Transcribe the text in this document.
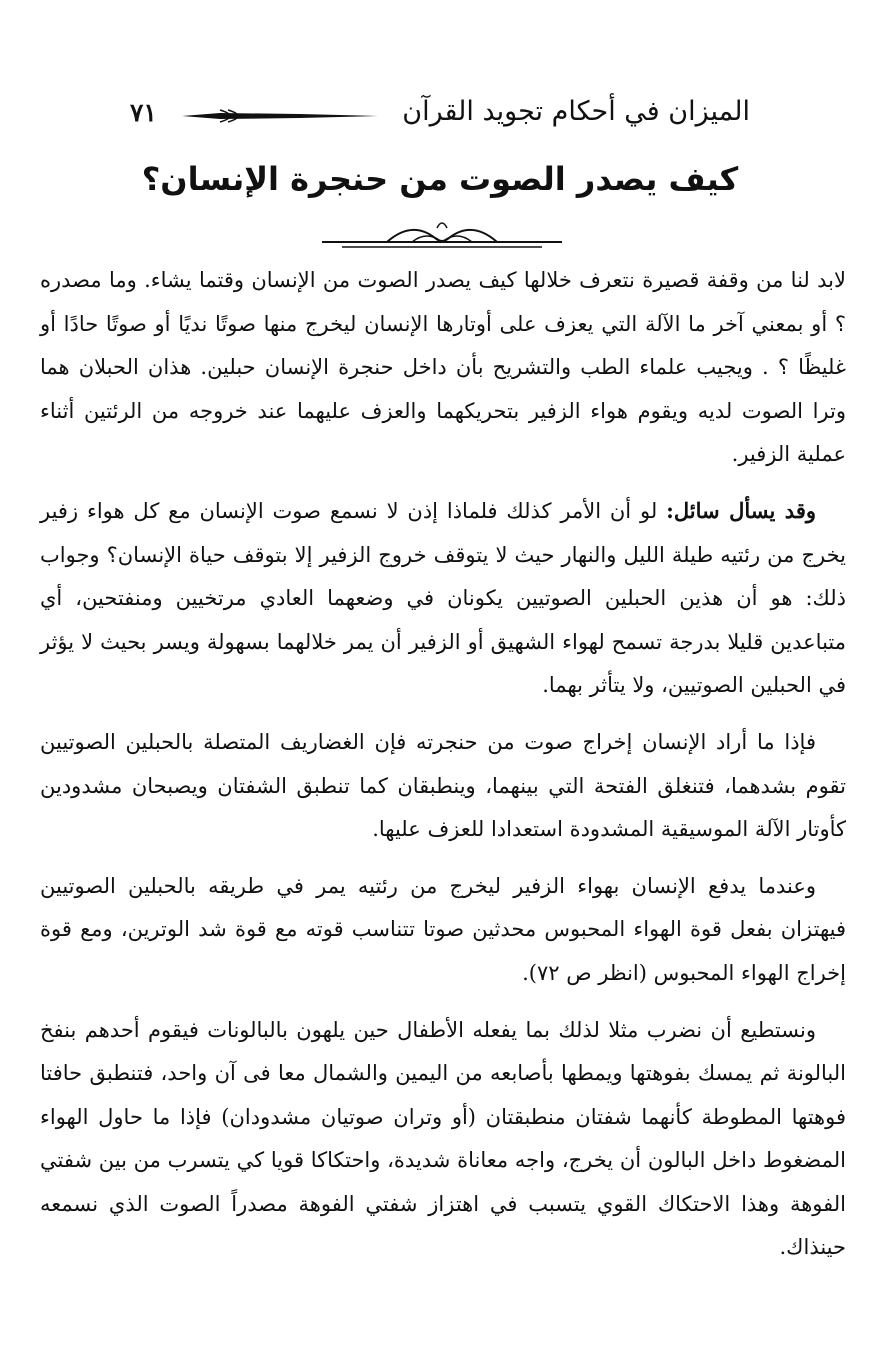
الميزان في أحكام تجويد القرآن
٧١
كيف يصدر الصوت من حنجرة الإنسان؟

لابد لنا من وقفة قصيرة نتعرف خلالها كيف يصدر الصوت من الإنسان وقتما يشاء. وما مصدره ؟ أو بمعني آخر ما الآلة التي يعزف على أوتارها الإنسان ليخرج منها صوتًا نديًا أو صوتًا حادًا أو غليظًا ؟ . ويجيب علماء الطب والتشريح بأن داخل حنجرة الإنسان حبلين. هذان الحبلان هما وترا الصوت لديه ويقوم هواء الزفير بتحريكهما والعزف عليهما عند خروجه من الرئتين أثناء عملية الزفير.

وقد يسأل سائل: لو أن الأمر كذلك فلماذا إذن لا نسمع صوت الإنسان مع كل هواء زفير يخرج من رئتيه طيلة الليل والنهار حيث لا يتوقف خروج الزفير إلا بتوقف حياة الإنسان؟ وجواب ذلك: هو أن هذين الحبلين الصوتيين يكونان في وضعهما العادي مرتخيين ومنفتحين، أي متباعدين قليلا بدرجة تسمح لهواء الشهيق أو الزفير أن يمر خلالهما بسهولة ويسر بحيث لا يؤثر في الحبلين الصوتيين، ولا يتأثر بهما.

فإذا ما أراد الإنسان إخراج صوت من حنجرته فإن الغضاريف المتصلة بالحبلين الصوتيين تقوم بشدهما، فتنغلق الفتحة التي بينهما، وينطبقان كما تنطبق الشفتان ويصبحان مشدودين كأوتار الآلة الموسيقية المشدودة استعدادا للعزف عليها.

وعندما يدفع الإنسان بهواء الزفير ليخرج من رئتيه يمر في طريقه بالحبلين الصوتيين فيهتزان بفعل قوة الهواء المحبوس محدثين صوتا تتناسب قوته مع قوة شد الوترين، ومع قوة إخراج الهواء المحبوس (انظر ص ٧٢).

ونستطيع أن نضرب مثلا لذلك بما يفعله الأطفال حين يلهون بالبالونات فيقوم أحدهم بنفخ البالونة ثم يمسك بفوهتها ويمطها بأصابعه من اليمين والشمال معا فى آن واحد، فتنطبق حافتا فوهتها المطوطة كأنهما شفتان منطبقتان (أو وتران صوتيان مشدودان) فإذا ما حاول الهواء المضغوط داخل البالون أن يخرج، واجه معاناة شديدة، واحتكاكا قويا كي يتسرب من بين شفتي الفوهة وهذا الاحتكاك القوي يتسبب في اهتزاز شفتي الفوهة مصدراً الصوت الذي نسمعه حينذاك.
